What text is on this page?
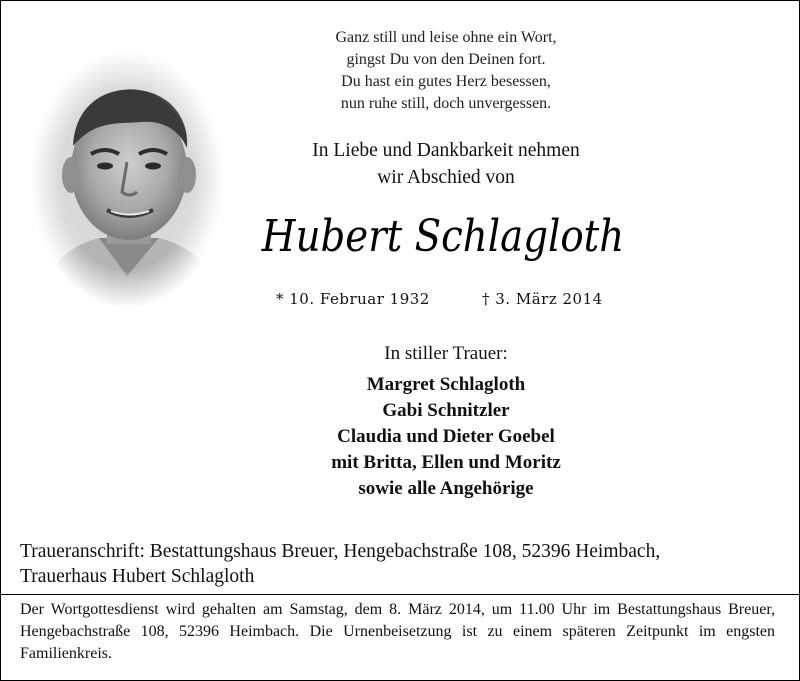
Ganz still und leise ohne ein Wort,
gingst Du von den Deinen fort.
Du hast ein gutes Herz besessen,
nun ruhe still, doch unvergessen.
In Liebe und Dankbarkeit nehmen
wir Abschied von
Hubert Schlagloth
* 10. Februar 1932	† 3. März 2014
In stiller Trauer:
Margret Schlagloth
Gabi Schnitzler
Claudia und Dieter Goebel
mit Britta, Ellen und Moritz
sowie alle Angehörige
Traueranschrift: Bestattungshaus Breuer, Hengebachstraße 108, 52396 Heimbach,
Trauerhaus Hubert Schlagloth
Der Wortgottesdienst wird gehalten am Samstag, dem 8. März 2014, um 11.00 Uhr im Bestattungshaus Breuer, Hengebachstraße 108, 52396 Heimbach. Die Urnenbeisetzung ist zu einem späteren Zeitpunkt im engsten Familienkreis.
